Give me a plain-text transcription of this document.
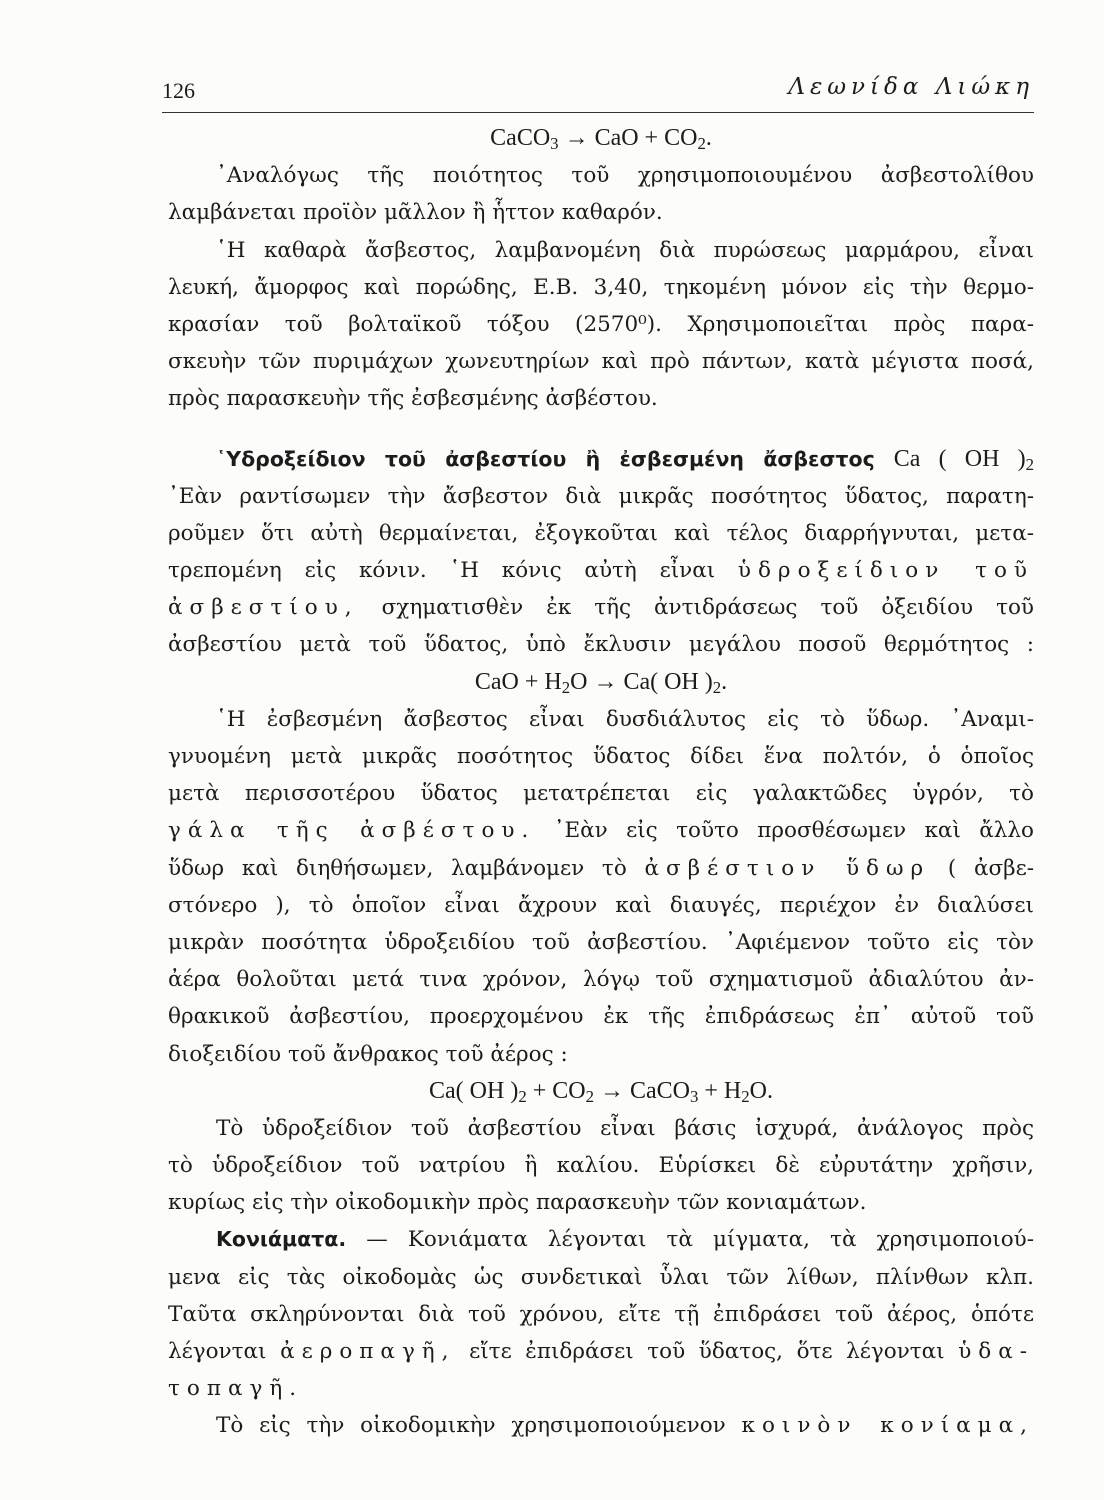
126	Λεωνίδα Λιώκη
CaCO3 → CaO + CO2.
᾿Αναλόγως τῆς ποιότητος τοῦ χρησιμοποιουμένου ἀσβεστολίθου
λαμβάνεται προϊὸν μᾶλλον ἢ ἧττον καθαρόν.
῾Η καθαρὰ ἄσβεστος, λαμβανομένη διὰ πυρώσεως μαρμάρου, εἶναι
λευκή, ἄμορφος καὶ πορώδης, Ε.Β. 3,40, τηκομένη μόνον εἰς τὴν θερμο-
κρασίαν τοῦ βολταϊκοῦ τόξου (2570⁰). Χρησιμοποιεῖται πρὸς παρα-
σκευὴν τῶν πυριμάχων χωνευτηρίων καὶ πρὸ πάντων, κατὰ μέγιστα ποσά,
πρὸς παρασκευὴν τῆς ἐσβεσμένης ἀσβέστου.
῾Υδροξείδιον τοῦ ἀσβεστίου ἢ ἐσβεσμένη ἄσβεστος Ca ( OH )2
᾿Εὰν ραντίσωμεν τὴν ἄσβεστον διὰ μικρᾶς ποσότητος ὕδατος, παρατη-
ροῦμεν ὅτι αὐτὴ θερμαίνεται, ἐξογκοῦται καὶ τέλος διαρρήγνυται, μετα-
τρεπομένη εἰς κόνιν. ῾Η κόνις αὐτὴ εἶναι ὑδροξείδιον τοῦ
ἀσβεστίου, σχηματισθὲν ἐκ τῆς ἀντιδράσεως τοῦ ὀξειδίου τοῦ
ἀσβεστίου μετὰ τοῦ ὕδατος, ὑπὸ ἔκλυσιν μεγάλου ποσοῦ θερμότητος :
CaO + H2O → Ca( OH )2.
῾Η ἐσβεσμένη ἄσβεστος εἶναι δυσδιάλυτος εἰς τὸ ὕδωρ. ᾿Αναμι-
γνυομένη μετὰ μικρᾶς ποσότητος ὕδατος δίδει ἕνα πολτόν, ὁ ὁποῖος
μετὰ περισσοτέρου ὕδατος μετατρέπεται εἰς γαλακτῶδες ὑγρόν, τὸ
γάλα τῆς ἀσβέστου. ᾿Εὰν εἰς τοῦτο προσθέσωμεν καὶ ἄλλο
ὕδωρ καὶ διηθήσωμεν, λαμβάνομεν τὸ ἀσβέστιον ὕδωρ ( ἀσβε-
στόνερο ), τὸ ὁποῖον εἶναι ἄχρουν καὶ διαυγές, περιέχον ἐν διαλύσει
μικρὰν ποσότητα ὑδροξειδίου τοῦ ἀσβεστίου. ᾿Αφιέμενον τοῦτο εἰς τὸν
ἀέρα θολοῦται μετά τινα χρόνον, λόγῳ τοῦ σχηματισμοῦ ἀδιαλύτου ἀν-
θρακικοῦ ἀσβεστίου, προερχομένου ἐκ τῆς ἐπιδράσεως ἐπ᾿ αὐτοῦ τοῦ
διοξειδίου τοῦ ἄνθρακος τοῦ ἀέρος :
Ca( OH )2 + CO2 → CaCO3 + H2O.
Τὸ ὑδροξείδιον τοῦ ἀσβεστίου εἶναι βάσις ἰσχυρά, ἀνάλογος πρὸς
τὸ ὑδροξείδιον τοῦ νατρίου ἢ καλίου. Εὑρίσκει δὲ εὐρυτάτην χρῆσιν,
κυρίως εἰς τὴν οἰκοδομικὴν πρὸς παρασκευὴν τῶν κονιαμάτων.
Κονιάματα. — Κονιάματα λέγονται τὰ μίγματα, τὰ χρησιμοποιού-
μενα εἰς τὰς οἰκοδομὰς ὡς συνδετικαὶ ὗλαι τῶν λίθων, πλίνθων κλπ.
Ταῦτα σκληρύνονται διὰ τοῦ χρόνου, εἴτε τῇ ἐπιδράσει τοῦ ἀέρος, ὁπότε
λέγονται ἀεροπαγῆ, εἴτε ἐπιδράσει τοῦ ὕδατος, ὅτε λέγονται ὑδα-
τοπαγῆ.
Τὸ εἰς τὴν οἰκοδομικὴν χρησιμοποιούμενον κοινὸν κονίαμα,
